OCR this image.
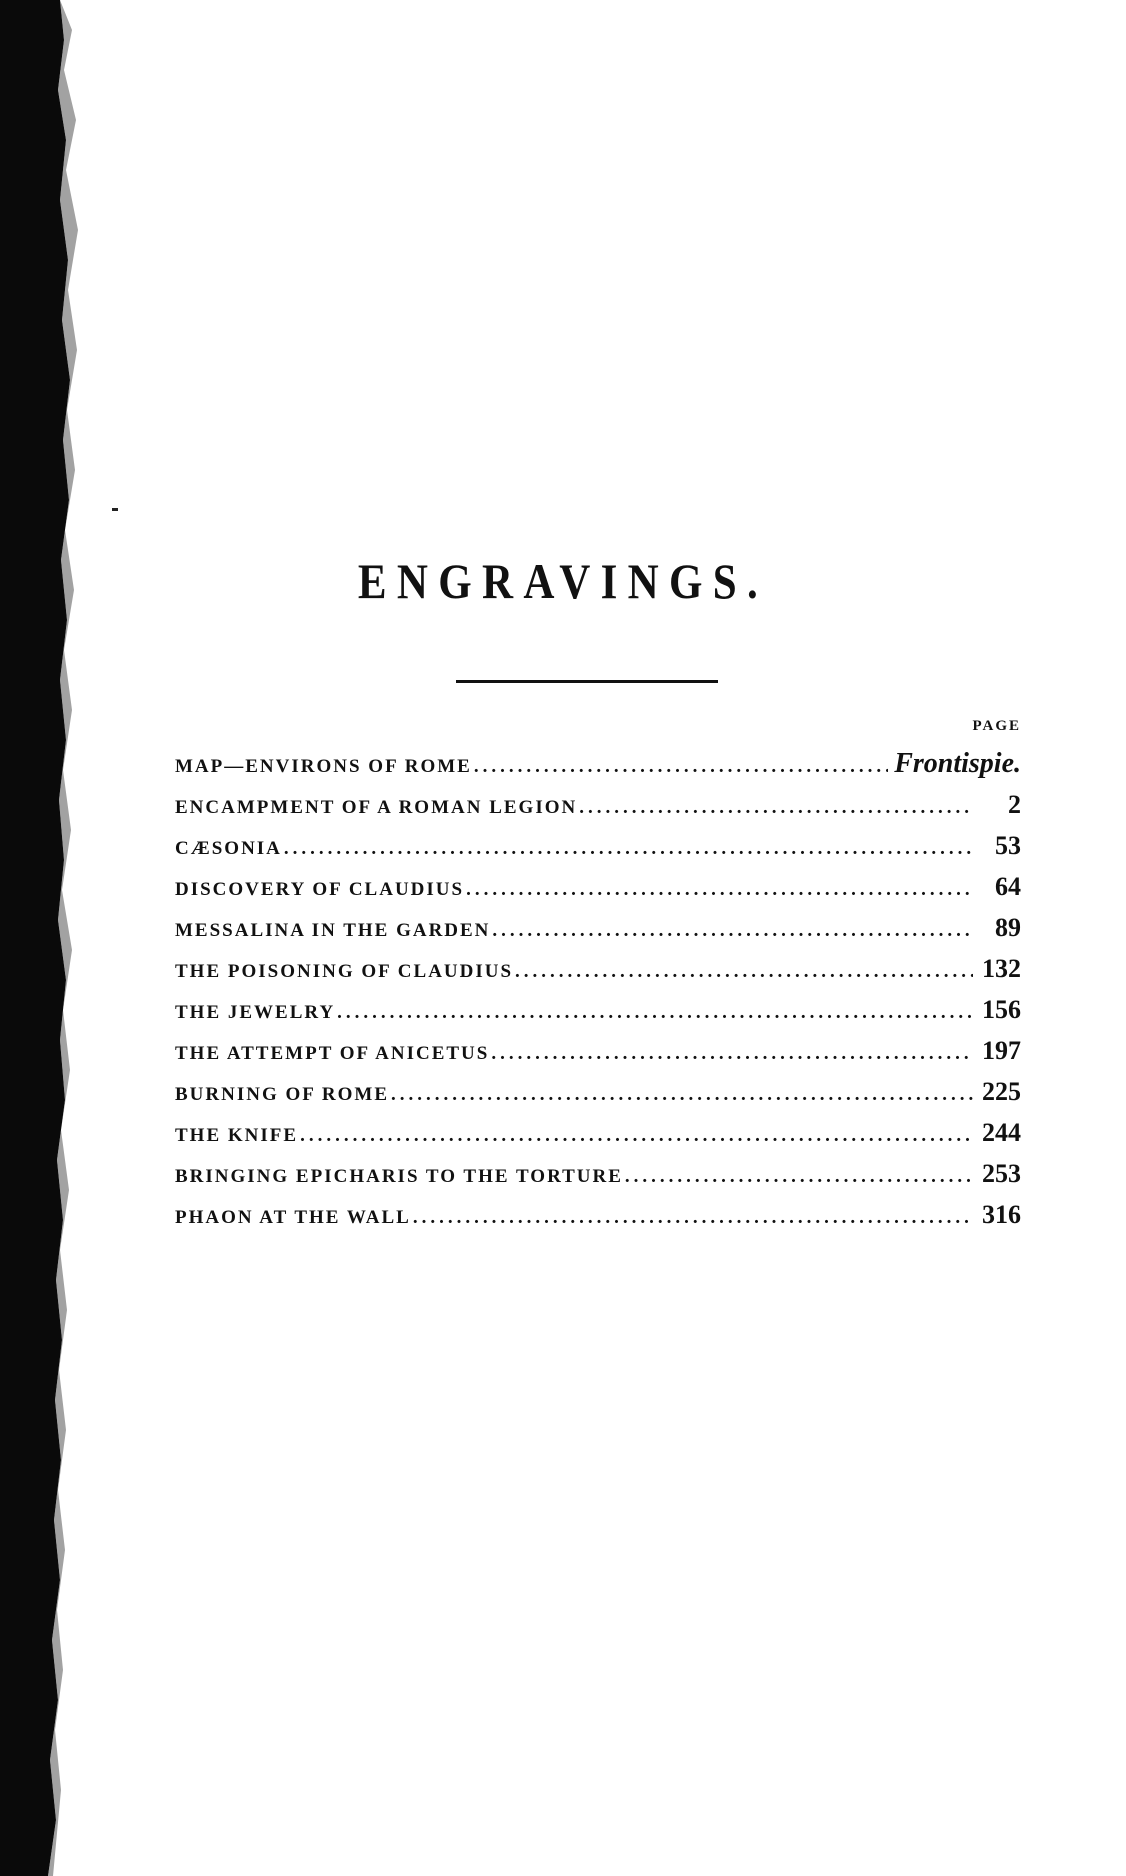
ENGRAVINGS.
PAGE
MAP—ENVIRONS OF ROME .....	Frontispie.
ENCAMPMENT OF A ROMAN LEGION .....	2
CÆSONIA .....	53
DISCOVERY OF CLAUDIUS .....	64
MESSALINA IN THE GARDEN .....	89
THE POISONING OF CLAUDIUS .....	132
THE JEWELRY .....	156
THE ATTEMPT OF ANICETUS .....	197
BURNING OF ROME .....	225
THE KNIFE .....	244
BRINGING EPICHARIS TO THE TORTURE .....	253
PHAON AT THE WALL .....	316
